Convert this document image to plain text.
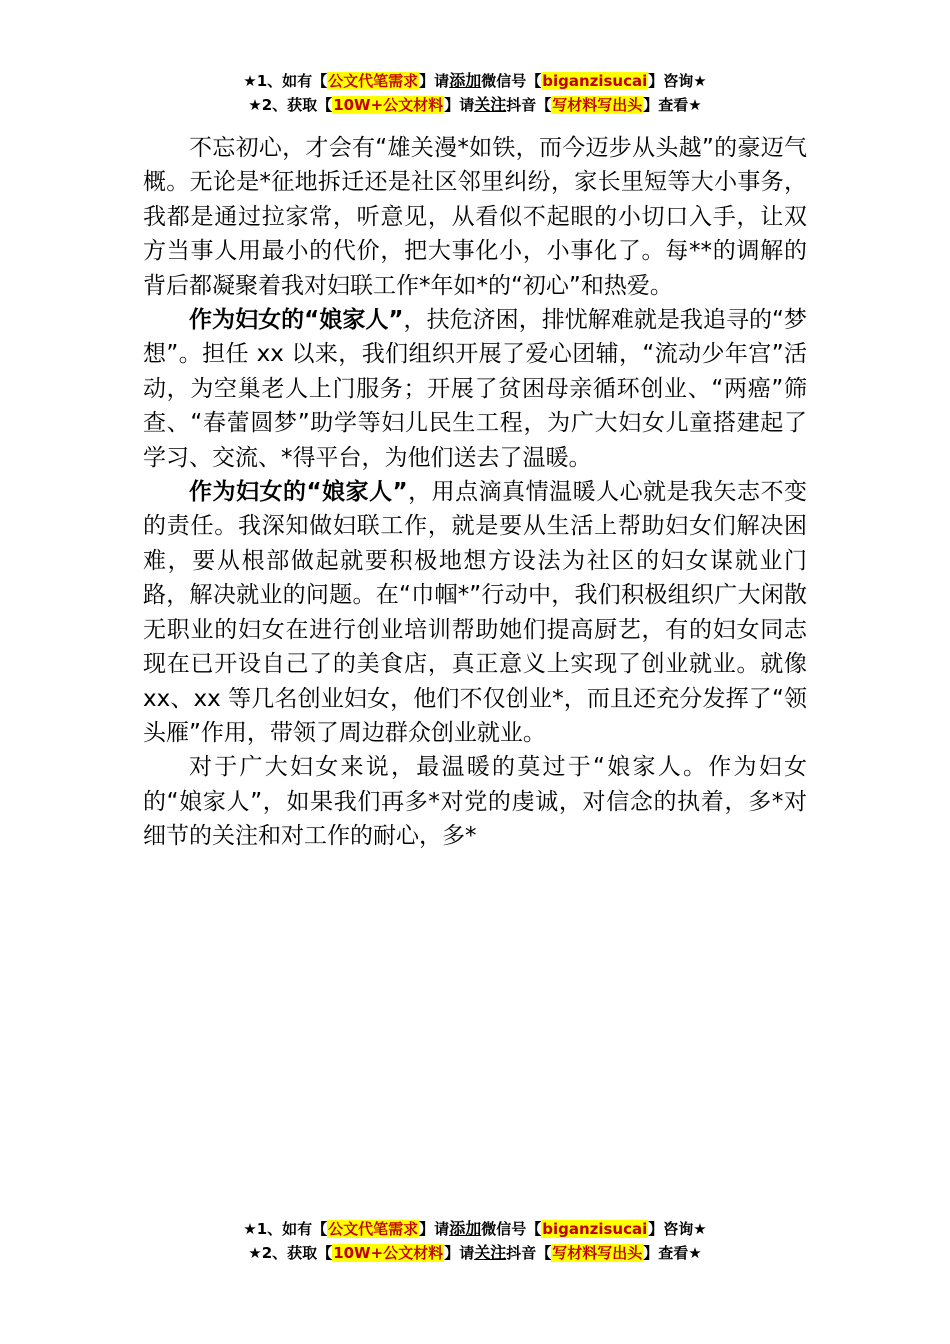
★1、如有【公文代笔需求】请添加微信号【biganzisucai】咨询★
★2、获取【10W+公文材料】请关注抖音【写材料写出头】查看★

不忘初心，才会有“雄关漫*如铁，而今迈步从头越”的豪迈气概。无论是*征地拆迁还是社区邻里纠纷，家长里短等大小事务，我都是通过拉家常，听意见，从看似不起眼的小切口入手，让双方当事人用最小的代价，把大事化小，小事化了。每**的调解的背后都凝聚着我对妇联工作*年如*的“初心”和热爱。

作为妇女的“娘家人”，扶危济困，排忧解难就是我追寻的“梦想”。担任 xx 以来，我们组织开展了爱心团辅，“流动少年宫”活动，为空巢老人上门服务；开展了贫困母亲循环创业、“两癌”筛查、“春蕾圆梦”助学等妇儿民生工程，为广大妇女儿童搭建起了学习、交流、*得平台，为他们送去了温暖。

作为妇女的“娘家人”，用点滴真情温暖人心就是我矢志不变的责任。我深知做妇联工作，就是要从生活上帮助妇女们解决困难，要从根部做起就要积极地想方设法为社区的妇女谋就业门路，解决就业的问题。在“巾帼*”行动中，我们积极组织广大闲散无职业的妇女在进行创业培训帮助她们提高厨艺，有的妇女同志现在已开设自己了的美食店，真正意义上实现了创业就业。就像 xx、xx 等几名创业妇女，他们不仅创业*，而且还充分发挥了“领头雁”作用，带领了周边群众创业就业。

对于广大妇女来说，最温暖的莫过于“娘家人。作为妇女的“娘家人”，如果我们再多*对党的虔诚，对信念的执着，多*对细节的关注和对工作的耐心，多*

★1、如有【公文代笔需求】请添加微信号【biganzisucai】咨询★
★2、获取【10W+公文材料】请关注抖音【写材料写出头】查看★
